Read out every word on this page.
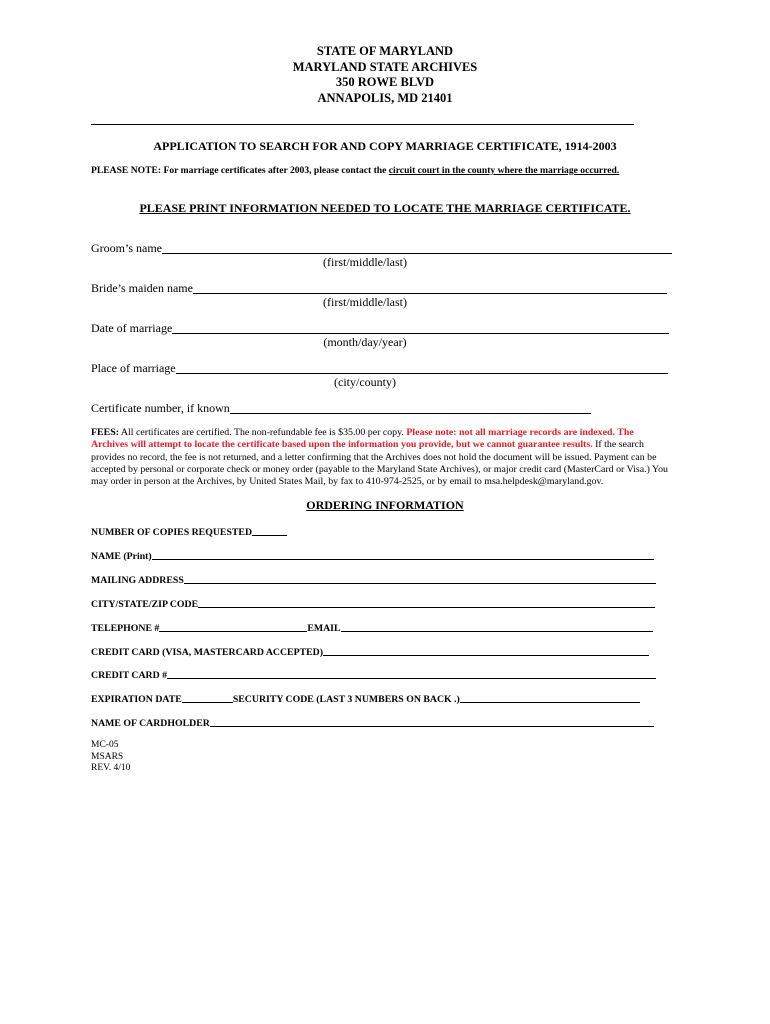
STATE OF MARYLAND
MARYLAND STATE ARCHIVES
350 ROWE BLVD
ANNAPOLIS, MD 21401
APPLICATION TO SEARCH FOR AND COPY MARRIAGE CERTIFICATE, 1914-2003
PLEASE NOTE: For marriage certificates after 2003, please contact the circuit court in the county where the marriage occurred.
PLEASE PRINT INFORMATION NEEDED TO LOCATE THE MARRIAGE CERTIFICATE.
Groom’s name
(first/middle/last)
Bride’s maiden name
(first/middle/last)
Date of marriage
(month/day/year)
Place of marriage
(city/county)
Certificate number, if known
FEES: All certificates are certified. The non-refundable fee is $35.00 per copy. Please note: not all marriage records are indexed. The Archives will attempt to locate the certificate based upon the information you provide, but we cannot guarantee results. If the search provides no record, the fee is not returned, and a letter confirming that the Archives does not hold the document will be issued. Payment can be accepted by personal or corporate check or money order (payable to the Maryland State Archives), or major credit card (MasterCard or Visa.) You may order in person at the Archives, by United States Mail, by fax to 410-974-2525, or by email to msa.helpdesk@maryland.gov.
ORDERING INFORMATION
NUMBER OF COPIES REQUESTED
NAME (Print)
MAILING ADDRESS
CITY/STATE/ZIP CODE
TELEPHONE #	EMAIL
CREDIT CARD (VISA, MASTERCARD ACCEPTED)
CREDIT CARD #
EXPIRATION DATE	SECURITY CODE (LAST 3 NUMBERS ON BACK .)
NAME OF CARDHOLDER
MC-05
MSARS
REV. 4/10
